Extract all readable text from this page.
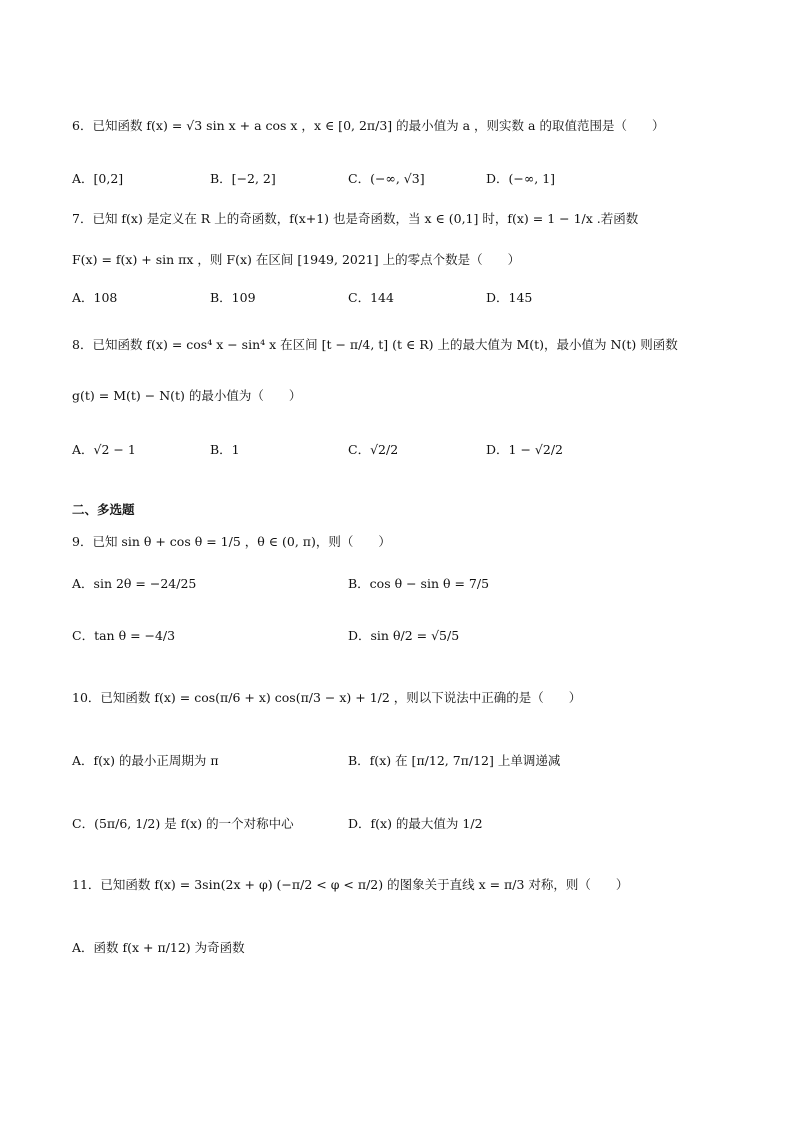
6．已知函数 f(x) = √3 sin x + a cos x ，x ∈ [0, 2π/3] 的最小值为 a ，则实数 a 的取值范围是（　　）
A．[0,2]	B．[−2, 2]	C．(−∞, √3]	D．(−∞, 1]
7．已知 f(x) 是定义在 R 上的奇函数，f(x+1) 也是奇函数，当 x ∈ (0,1] 时，f(x) = 1 − 1/x .若函数
F(x) = f(x) + sin πx ，则 F(x) 在区间 [1949, 2021] 上的零点个数是（　　）
A．108	B．109	C．144	D．145
8．已知函数 f(x) = cos⁴ x − sin⁴ x 在区间 [t − π/4, t] (t ∈ R) 上的最大值为 M(t)，最小值为 N(t) 则函数
g(t) = M(t) − N(t) 的最小值为（　　）
A．√2 − 1	B．1	C．√2/2	D．1 − √2/2
二、多选题
9．已知 sin θ + cos θ = 1/5 ，θ ∈ (0, π)，则（　　）
A．sin 2θ = −24/25	B．cos θ − sin θ = 7/5
C．tan θ = −4/3	D．sin θ/2 = √5/5
10．已知函数 f(x) = cos(π/6 + x) cos(π/3 − x) + 1/2 ，则以下说法中正确的是（　　）
A．f(x) 的最小正周期为 π	B．f(x) 在 [π/12, 7π/12] 上单调递减
C．(5π/6, 1/2) 是 f(x) 的一个对称中心	D．f(x) 的最大值为 1/2
11．已知函数 f(x) = 3sin(2x + φ) (−π/2 < φ < π/2) 的图象关于直线 x = π/3 对称，则（　　）
A．函数 f(x + π/12) 为奇函数
